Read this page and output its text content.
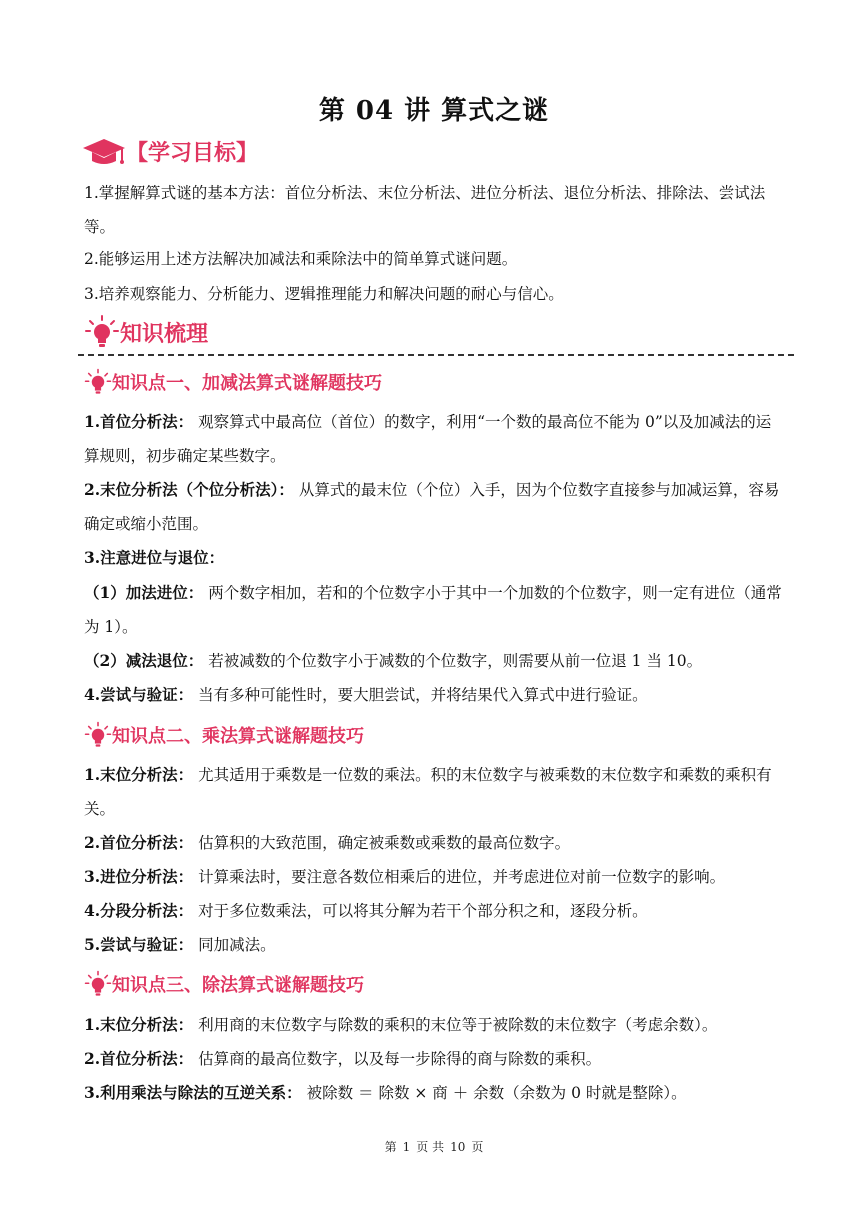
第 04 讲 算式之谜
【学习目标】

1.掌握解算式谜的基本方法：首位分析法、末位分析法、进位分析法、退位分析法、排除法、尝试法等。

2.能够运用上述方法解决加减法和乘除法中的简单算式谜问题。

3.培养观察能力、分析能力、逻辑推理能力和解决问题的耐心与信心。

知识梳理
知识点一、加减法算式谜解题技巧

1.首位分析法： 观察算式中最高位（首位）的数字，利用“一个数的最高位不能为 0”以及加减法的运算规则，初步确定某些数字。

2.末位分析法（个位分析法）： 从算式的最末位（个位）入手，因为个位数字直接参与加减运算，容易确定或缩小范围。

3.注意进位与退位：

（1）加法进位： 两个数字相加，若和的个位数字小于其中一个加数的个位数字，则一定有进位（通常为 1）。

（2）减法退位： 若被减数的个位数字小于减数的个位数字，则需要从前一位退 1 当 10。

4.尝试与验证： 当有多种可能性时，要大胆尝试，并将结果代入算式中进行验证。

知识点二、乘法算式谜解题技巧

1.末位分析法： 尤其适用于乘数是一位数的乘法。积的末位数字与被乘数的末位数字和乘数的乘积有关。

2.首位分析法： 估算积的大致范围，确定被乘数或乘数的最高位数字。

3.进位分析法： 计算乘法时，要注意各数位相乘后的进位，并考虑进位对前一位数字的影响。

4.分段分析法： 对于多位数乘法，可以将其分解为若干个部分积之和，逐段分析。

5.尝试与验证： 同加减法。

知识点三、除法算式谜解题技巧

1.末位分析法： 利用商的末位数字与除数的乘积的末位等于被除数的末位数字（考虑余数）。

2.首位分析法： 估算商的最高位数字，以及每一步除得的商与除数的乘积。

3.利用乘法与除法的互逆关系： 被除数 ＝ 除数 × 商 ＋ 余数（余数为 0 时就是整除）。

第 1 页 共 10 页
